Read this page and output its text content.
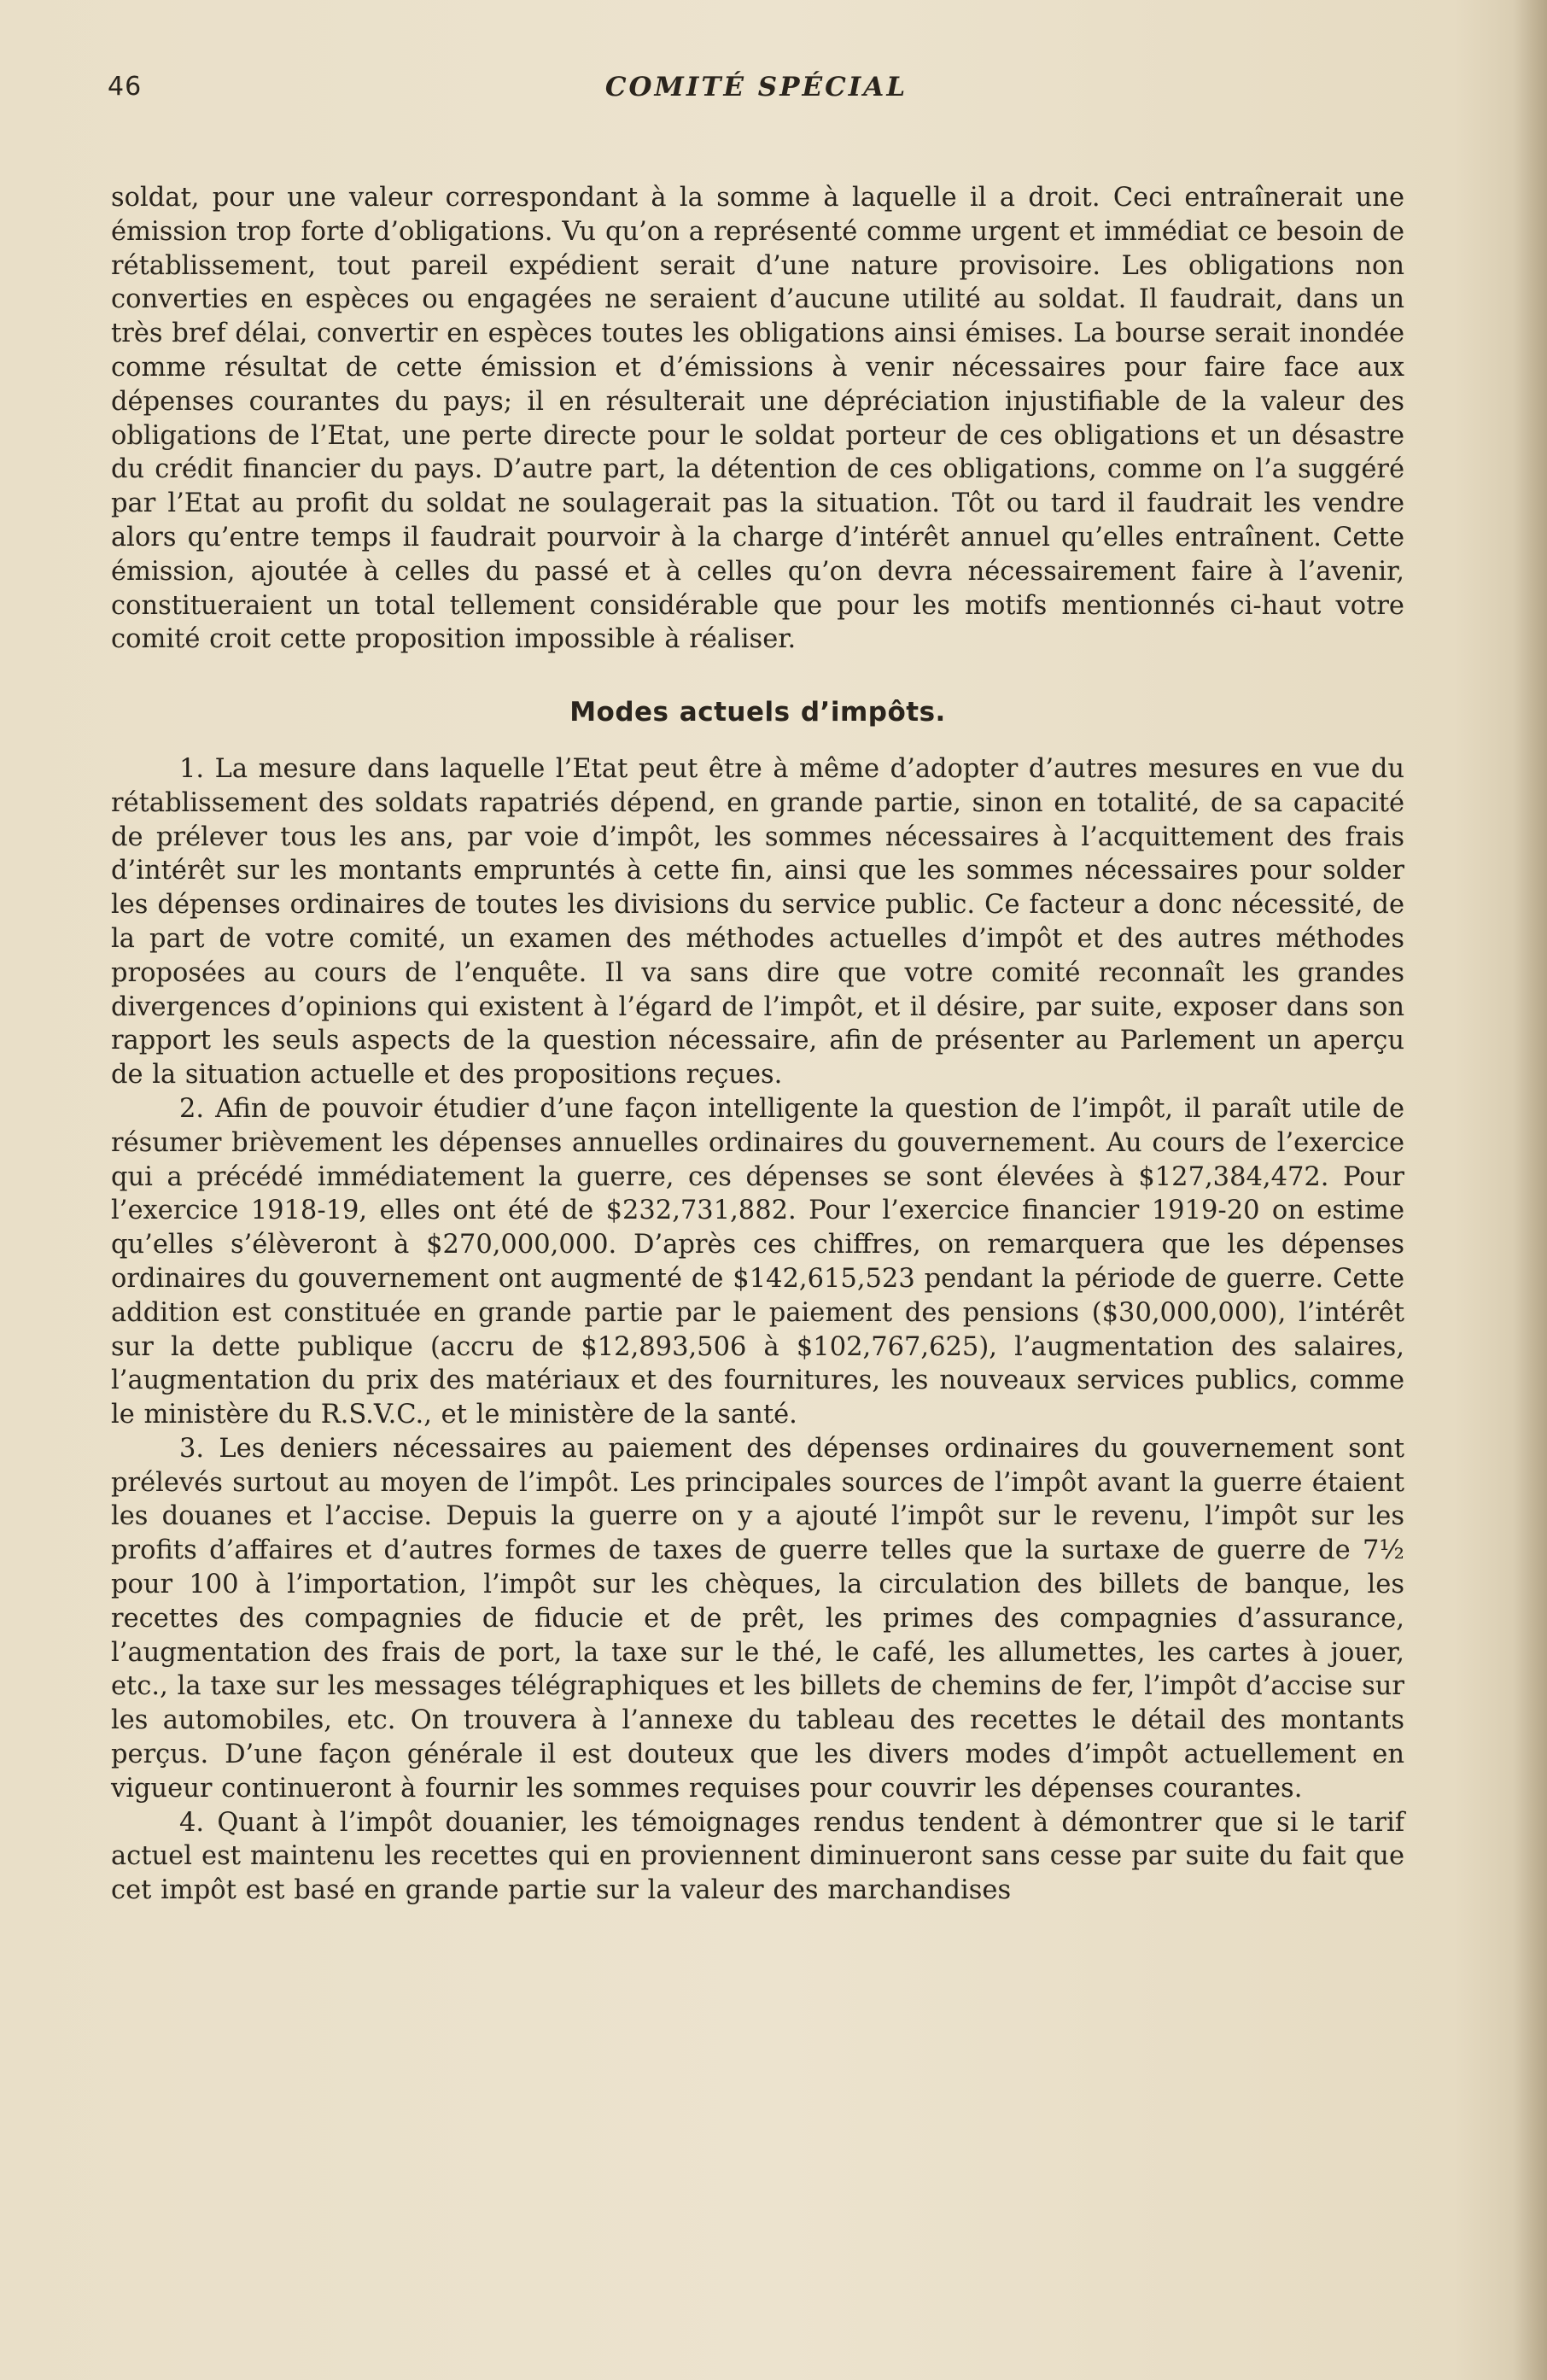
46	COMITÉ SPÉCIAL

soldat, pour une valeur correspondant à la somme à laquelle il a droit. Ceci entraînerait une émission trop forte d’obligations. Vu qu’on a représenté comme urgent et immédiat ce besoin de rétablissement, tout pareil expédient serait d’une nature provisoire. Les obligations non converties en espèces ou engagées ne seraient d’aucune utilité au soldat. Il faudrait, dans un très bref délai, convertir en espèces toutes les obligations ainsi émises. La bourse serait inondée comme résultat de cette émission et d’émissions à venir nécessaires pour faire face aux dépenses courantes du pays; il en résulterait une dépréciation injustifiable de la valeur des obligations de l’Etat, une perte directe pour le soldat porteur de ces obligations et un désastre du crédit financier du pays. D’autre part, la détention de ces obligations, comme on l’a suggéré par l’Etat au profit du soldat ne soulagerait pas la situation. Tôt ou tard il faudrait les vendre alors qu’entre temps il faudrait pourvoir à la charge d’intérêt annuel qu’elles entraînent. Cette émission, ajoutée à celles du passé et à celles qu’on devra nécessairement faire à l’avenir, constitueraient un total tellement considérable que pour les motifs mentionnés ci-haut votre comité croit cette proposition impossible à réaliser.

Modes actuels d’impôts.

1. La mesure dans laquelle l’Etat peut être à même d’adopter d’autres mesures en vue du rétablissement des soldats rapatriés dépend, en grande partie, sinon en totalité, de sa capacité de prélever tous les ans, par voie d’impôt, les sommes nécessaires à l’acquittement des frais d’intérêt sur les montants empruntés à cette fin, ainsi que les sommes nécessaires pour solder les dépenses ordinaires de toutes les divisions du service public. Ce facteur a donc nécessité, de la part de votre comité, un examen des méthodes actuelles d’impôt et des autres méthodes proposées au cours de l’enquête. Il va sans dire que votre comité reconnaît les grandes divergences d’opinions qui existent à l’égard de l’impôt, et il désire, par suite, exposer dans son rapport les seuls aspects de la question nécessaire, afin de présenter au Parlement un aperçu de la situation actuelle et des propositions reçues.

2. Afin de pouvoir étudier d’une façon intelligente la question de l’impôt, il paraît utile de résumer brièvement les dépenses annuelles ordinaires du gouvernement. Au cours de l’exercice qui a précédé immédiatement la guerre, ces dépenses se sont élevées à $127,384,472. Pour l’exercice 1918-19, elles ont été de $232,731,882. Pour l’exercice financier 1919-20 on estime qu’elles s’élèveront à $270,000,000. D’après ces chiffres, on remarquera que les dépenses ordinaires du gouvernement ont augmenté de $142,615,523 pendant la période de guerre. Cette addition est constituée en grande partie par le paiement des pensions ($30,000,000), l’intérêt sur la dette publique (accru de $12,893,506 à $102,767,625), l’augmentation des salaires, l’augmentation du prix des matériaux et des fournitures, les nouveaux services publics, comme le ministère du R.S.V.C., et le ministère de la santé.

3. Les deniers nécessaires au paiement des dépenses ordinaires du gouvernement sont prélevés surtout au moyen de l’impôt. Les principales sources de l’impôt avant la guerre étaient les douanes et l’accise. Depuis la guerre on y a ajouté l’impôt sur le revenu, l’impôt sur les profits d’affaires et d’autres formes de taxes de guerre telles que la surtaxe de guerre de 7½ pour 100 à l’importation, l’impôt sur les chèques, la circulation des billets de banque, les recettes des compagnies de fiducie et de prêt, les primes des compagnies d’assurance, l’augmentation des frais de port, la taxe sur le thé, le café, les allumettes, les cartes à jouer, etc., la taxe sur les messages télégraphiques et les billets de chemins de fer, l’impôt d’accise sur les automobiles, etc. On trouvera à l’annexe du tableau des recettes le détail des montants perçus. D’une façon générale il est douteux que les divers modes d’impôt actuellement en vigueur continueront à fournir les sommes requises pour couvrir les dépenses courantes.

4. Quant à l’impôt douanier, les témoignages rendus tendent à démontrer que si le tarif actuel est maintenu les recettes qui en proviennent diminueront sans cesse par suite du fait que cet impôt est basé en grande partie sur la valeur des marchandises
